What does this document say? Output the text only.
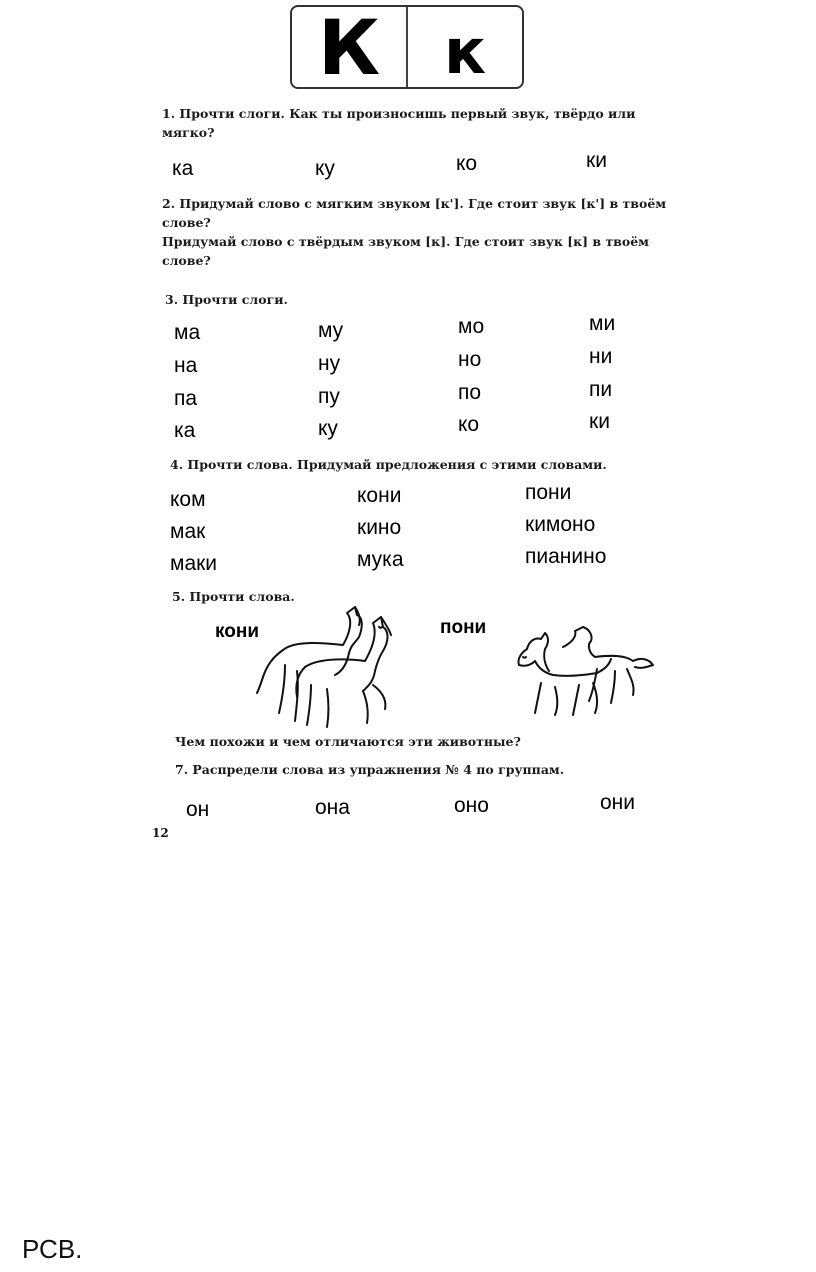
К	к

1. Прочти слоги. Как ты произносишь первый звук, твёрдо или мягко?

ка	ку	ко	ки

2. Придумай слово с мягким звуком [к']. Где стоит звук [к'] в твоём слове?

Придумай слово с твёрдым звуком [к]. Где стоит звук [к] в твоём слове?

3. Прочти слоги.

ма	му	мо	ми
на	ну	но	ни
па	пу	по	пи
ка	ку	ко	ки

4. Прочти слова. Придумай предложения с этими словами.

ком	кони	пони
мак	кино	кимоно
маки	мука	пианино

5. Прочти слова.

кони	пони

Чем похожи и чем отличаются эти животные?

7. Распредели слова из упражнения № 4 по группам.

он	она	оно	они
12
РСВ.
